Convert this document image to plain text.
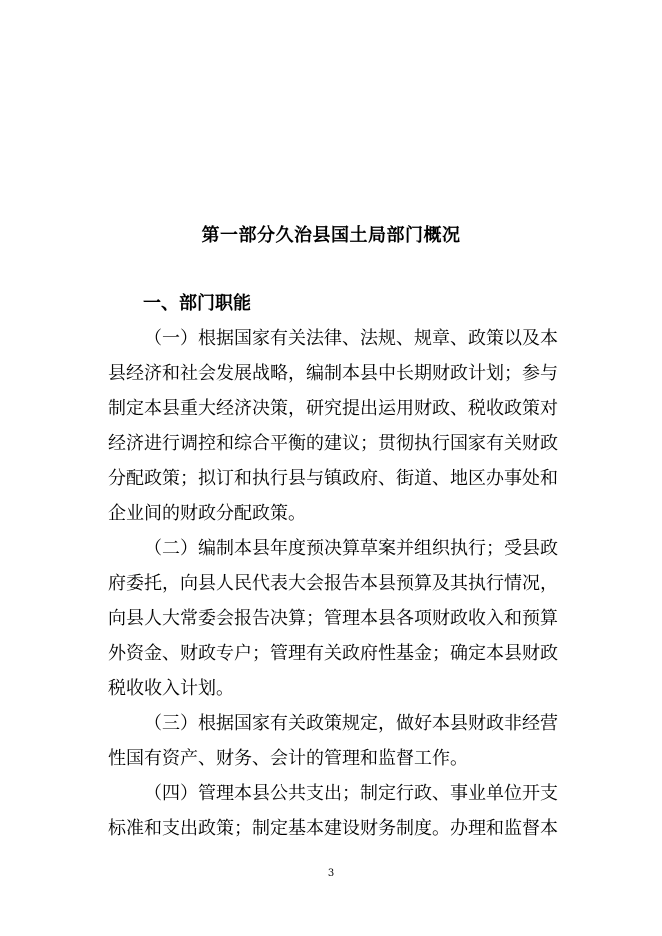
第一部分久治县国土局部门概况
一、部门职能

（一）根据国家有关法律、法规、规章、政策以及本

县经济和社会发展战略，编制本县中长期财政计划；参与

制定本县重大经济决策，研究提出运用财政、税收政策对

经济进行调控和综合平衡的建议；贯彻执行国家有关财政

分配政策；拟订和执行县与镇政府、街道、地区办事处和

企业间的财政分配政策。

（二）编制本县年度预决算草案并组织执行；受县政

府委托，向县人民代表大会报告本县预算及其执行情况，

向县人大常委会报告决算；管理本县各项财政收入和预算

外资金、财政专户；管理有关政府性基金；确定本县财政

税收收入计划。

（三）根据国家有关政策规定，做好本县财政非经营

性国有资产、财务、会计的管理和监督工作。

（四）管理本县公共支出；制定行政、事业单位开支

标准和支出政策；制定基本建设财务制度。办理和监督本

3
